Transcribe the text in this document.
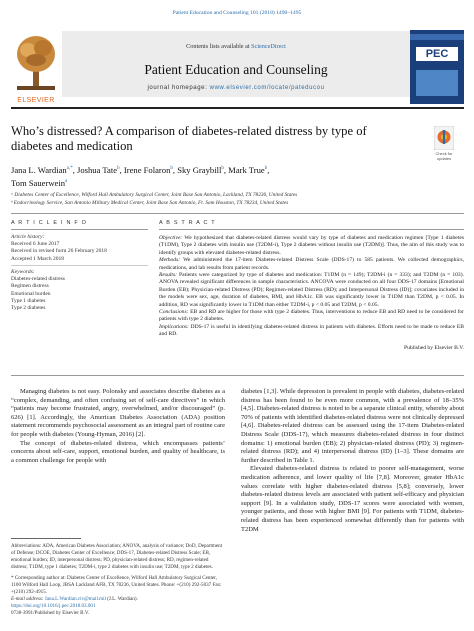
Patient Education and Counseling 101 (2018) 1490–1495
ELSEVIER
Contents lists available at ScienceDirect
Patient Education and Counseling
journal homepage: www.elsevier.com/locate/pateducou
PEC
Who’s distressed? A comparison of diabetes-related distress by type of
diabetes and medication
Check for updates
Jana L. Wardian$^{a,*}$, Joshua Tate$^b$, Irene Folaron$^b$, Sky Graybill$^b$, Mark True$^b$,
Tom Sauerwein$^a$
ᵃ Diabetes Center of Excellence, Wilford Hall Ambulatory Surgical Center, Joint Base San Antonio, Lackland, TX 78236, United States
ᵇ Endocrinology Service, San Antonio Military Medical Center, Joint Base San Antonio, Ft. Sam Houston, TX 78234, United States
A R T I C L E I N F O
Article history:
Received 6 June 2017
Received in revised form 26 February 2018
Accepted 1 March 2018
Keywords:
Diabetes-related distress
Regimen distress
Emotional burden
Type 1 diabetes
Type 2 diabetes
A B S T R A C T

Objective: We hypothesized that diabetes-related distress would vary by type of diabetes and medication regimen [Type 1 diabetes (T1DM), Type 2 diabetes with insulin use (T2DM-i), Type 2 diabetes without insulin use (T2DM)]. Thus, the aim of this study was to identify groups with elevated diabetes-related distress.

Methods: We administered the 17-item Diabetes-related Distress Scale (DDS-17) to 585 patients. We collected demographics, medications, and lab results from patient records.

Results: Patients were categorized by type of diabetes and medication: T1DM (n = 149); T2DM-i (n = 333); and T2DM (n = 103). ANOVA revealed significant differences in sample characteristics. ANCOVA were conducted on all four DDS-17 domains [Emotional Burden (EB); Physician-related Distress (PD); Regimen-related Distress (RD); and Interpersonal Distress (ID)]; covariates included in the models were sex, age, duration of diabetes, BMI, and HbA1c. EB was significantly lower in T1DM than T2DM, p < 0.05. In addition, RD was significantly lower in T1DM than either T2DM-i, p < 0.05 and T2DM, p < 0.05.

Conclusions: EB and RD are higher for those with type 2 diabetes. Thus, interventions to reduce EB and RD need to be considered for patients with type 2 diabetes.

Implications: DDS-17 is useful in identifying diabetes-related distress in patients with diabetes. Efforts need to be made to reduce EB and RD.

Published by Elsevier B.V.

Managing diabetes is not easy. Polonsky and associates describe diabetes as a “complex, demanding, and often confusing set of self-care directives” in which “patients may become frustrated, angry, overwhelmed, and/or discouraged” (p. 626) [1]. Accordingly, the American Diabetes Association (ADA) position statement recommends psychosocial assessment as an integral part of routine care for people with diabetes (Young-Hyman, 2016) [2].

The concept of diabetes-related distress, which encompasses patients’ concerns about self-care, support, emotional burden, and quality of healthcare, is a common challenge for people with

diabetes [1,3]. While depression is prevalent in people with diabetes, diabetes-related distress has been found to be even more common, with a prevalence of 18–35% [4,5]. Diabetes-related distress is noted to be a separate clinical entity, whereby about 70% of patients with identified diabetes-related distress were not clinically depressed [4,6]. Diabetes-related distress can be assessed using the 17-item Diabetes-related Distress Scale (DDS-17), which measures diabetes-related distress in four distinct domains: 1) emotional burden (EB); 2) physician-related distress (PD); 3) regimen-related distress (RD); and 4) interpersonal distress (ID) [1–3]. These domains are further described in Table 1.

Elevated diabetes-related distress is related to poorer self-management, worse medication adherence, and lower quality of life [7,8]. Moreover, greater HbA1c values correlate with higher diabetes-related distress [5,8]; conversely, lower diabetes-related distress levels are associated with patient self-efficacy and physician support [9]. In a validation study, DDS-17 scores were associated with women, younger patients, and those with higher BMI [9]. For patients with T1DM, diabetes-related distress has been experienced somewhat differently than for patients with T2DM

Abbreviations: ADA, American Diabetes Association; ANOVA, analysis of variance; DoD, Department of Defense; DCOE, Diabetes Center of Excellence; DDS-17, Diabetes-related Distress Scale; EB, emotional burden; ID, interpersonal distress; PD, physician-related distress; RD, regimen-related distress; T1DM, type 1 diabetes; T2DM-i, type 2 diabetes with insulin use; T2DM, type 2 diabetes.

* Corresponding author at: Diabetes Center of Excellence, Wilford Hall Ambulatory Surgical Center, 1100 Wilford Hall Loop, JBSA Lackland AFB, TX 78236, United States. Phone: +(210) 292-5037 Fax: +(210) 292-4915.

E-mail address: Jana.L.Wardian.civ@mail.mil (J.L. Wardian).

https://doi.org/10.1016/j.pec.2018.03.001
0738-3991/Published by Elsevier B.V.
